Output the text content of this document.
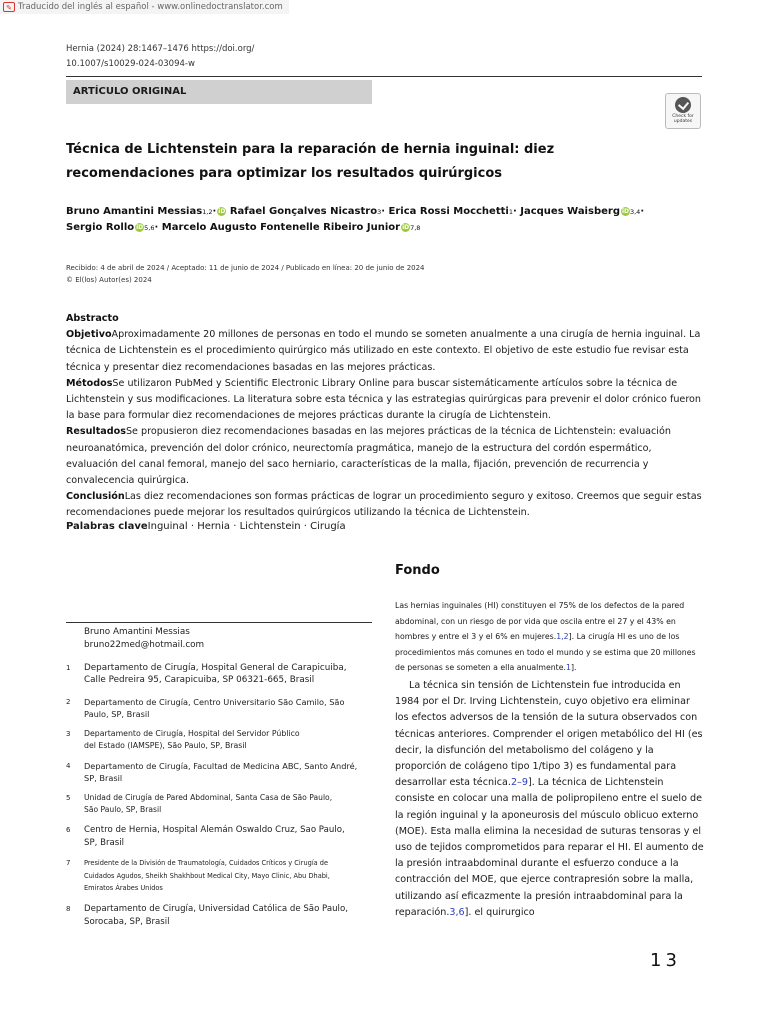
✎ Traducido del inglés al español - www.onlinedoctranslator.com
Hernia (2024) 28:1467–1476 https://doi.org/
10.1007/s10029-024-03094-w
ARTÍCULO ORIGINAL
Check for
updates
Técnica de Lichtenstein para la reparación de hernia inguinal: diez
recomendaciones para optimizar los resultados quirúrgicos
Bruno Amantini Messias1,2· iD Rafael Gonçalves Nicastro3· Erica Rossi Mocchetti1· Jacques Waisberg iD3,4· Sergio Rollo iD5,6· Marcelo Augusto Fontenelle Ribeiro Junior iD7,8
Recibido: 4 de abril de 2024 / Aceptado: 11 de junio de 2024 / Publicado en línea: 20 de junio de 2024
© El(los) Autor(es) 2024
Abstracto
ObjetivoAproximadamente 20 millones de personas en todo el mundo se someten anualmente a una cirugía de hernia inguinal. La técnica de Lichtenstein es el procedimiento quirúrgico más utilizado en este contexto. El objetivo de este estudio fue revisar esta técnica y presentar diez recomendaciones basadas en las mejores prácticas.
MétodosSe utilizaron PubMed y Scientific Electronic Library Online para buscar sistemáticamente artículos sobre la técnica de Lichtenstein y sus modificaciones. La literatura sobre esta técnica y las estrategias quirúrgicas para prevenir el dolor crónico fueron la base para formular diez recomendaciones de mejores prácticas durante la cirugía de Lichtenstein.
ResultadosSe propusieron diez recomendaciones basadas en las mejores prácticas de la técnica de Lichtenstein: evaluación neuroanatómica, prevención del dolor crónico, neurectomía pragmática, manejo de la estructura del cordón espermático, evaluación del canal femoral, manejo del saco herniario, características de la malla, fijación, prevención de recurrencia y convalecencia quirúrgica.
ConclusiónLas diez recomendaciones son formas prácticas de lograr un procedimiento seguro y exitoso. Creemos que seguir estas recomendaciones puede mejorar los resultados quirúrgicos utilizando la técnica de Lichtenstein.
Palabras claveInguinal · Hernia · Lichtenstein · Cirugía
Fondo
Las hernias inguinales (HI) constituyen el 75% de los defectos de la pared abdominal, con un riesgo de por vida que oscila entre el 27 y el 43% en hombres y entre el 3 y el 6% en mujeres.1,2]. La cirugía HI es uno de los procedimientos más comunes en todo el mundo y se estima que 20 millones de personas se someten a ella anualmente.1].
La técnica sin tensión de Lichtenstein fue introducida en 1984 por el Dr. Irving Lichtenstein, cuyo objetivo era eliminar los efectos adversos de la tensión de la sutura observados con técnicas anteriores. Comprender el origen metabólico del HI (es decir, la disfunción del metabolismo del colágeno y la proporción de colágeno tipo 1/tipo 3) es fundamental para desarrollar esta técnica.2–9]. La técnica de Lichtenstein consiste en colocar una malla de polipropileno entre el suelo de la región inguinal y la aponeurosis del músculo oblicuo externo (MOE). Esta malla elimina la necesidad de suturas tensoras y el uso de tejidos comprometidos para reparar el HI. El aumento de la presión intraabdominal durante el esfuerzo conduce a la contracción del MOE, que ejerce contrapresión sobre la malla, utilizando así eficazmente la presión intraabdominal para la reparación.3,6]. el quirurgico
Bruno Amantini Messias
bruno22med@hotmail.com
1 Departamento de Cirugía, Hospital General de Carapicuiba, Calle Pedreira 95, Carapicuiba, SP 06321-665, Brasil
2 Departamento de Cirugía, Centro Universitario São Camilo, São Paulo, SP, Brasil
3 Departamento de Cirugía, Hospital del Servidor Público del Estado (IAMSPE), São Paulo, SP, Brasil
4 Departamento de Cirugía, Facultad de Medicina ABC, Santo André, SP, Brasil
5 Unidad de Cirugía de Pared Abdominal, Santa Casa de São Paulo, São Paulo, SP, Brasil
6 Centro de Hernia, Hospital Alemán Oswaldo Cruz, Sao Paulo, SP, Brasil
7 Presidente de la División de Traumatología, Cuidados Críticos y Cirugía de Cuidados Agudos, Sheikh Shakhbout Medical City, Mayo Clinic, Abu Dhabi, Emiratos Árabes Unidos
8 Departamento de Cirugía, Universidad Católica de São Paulo, Sorocaba, SP, Brasil
13
